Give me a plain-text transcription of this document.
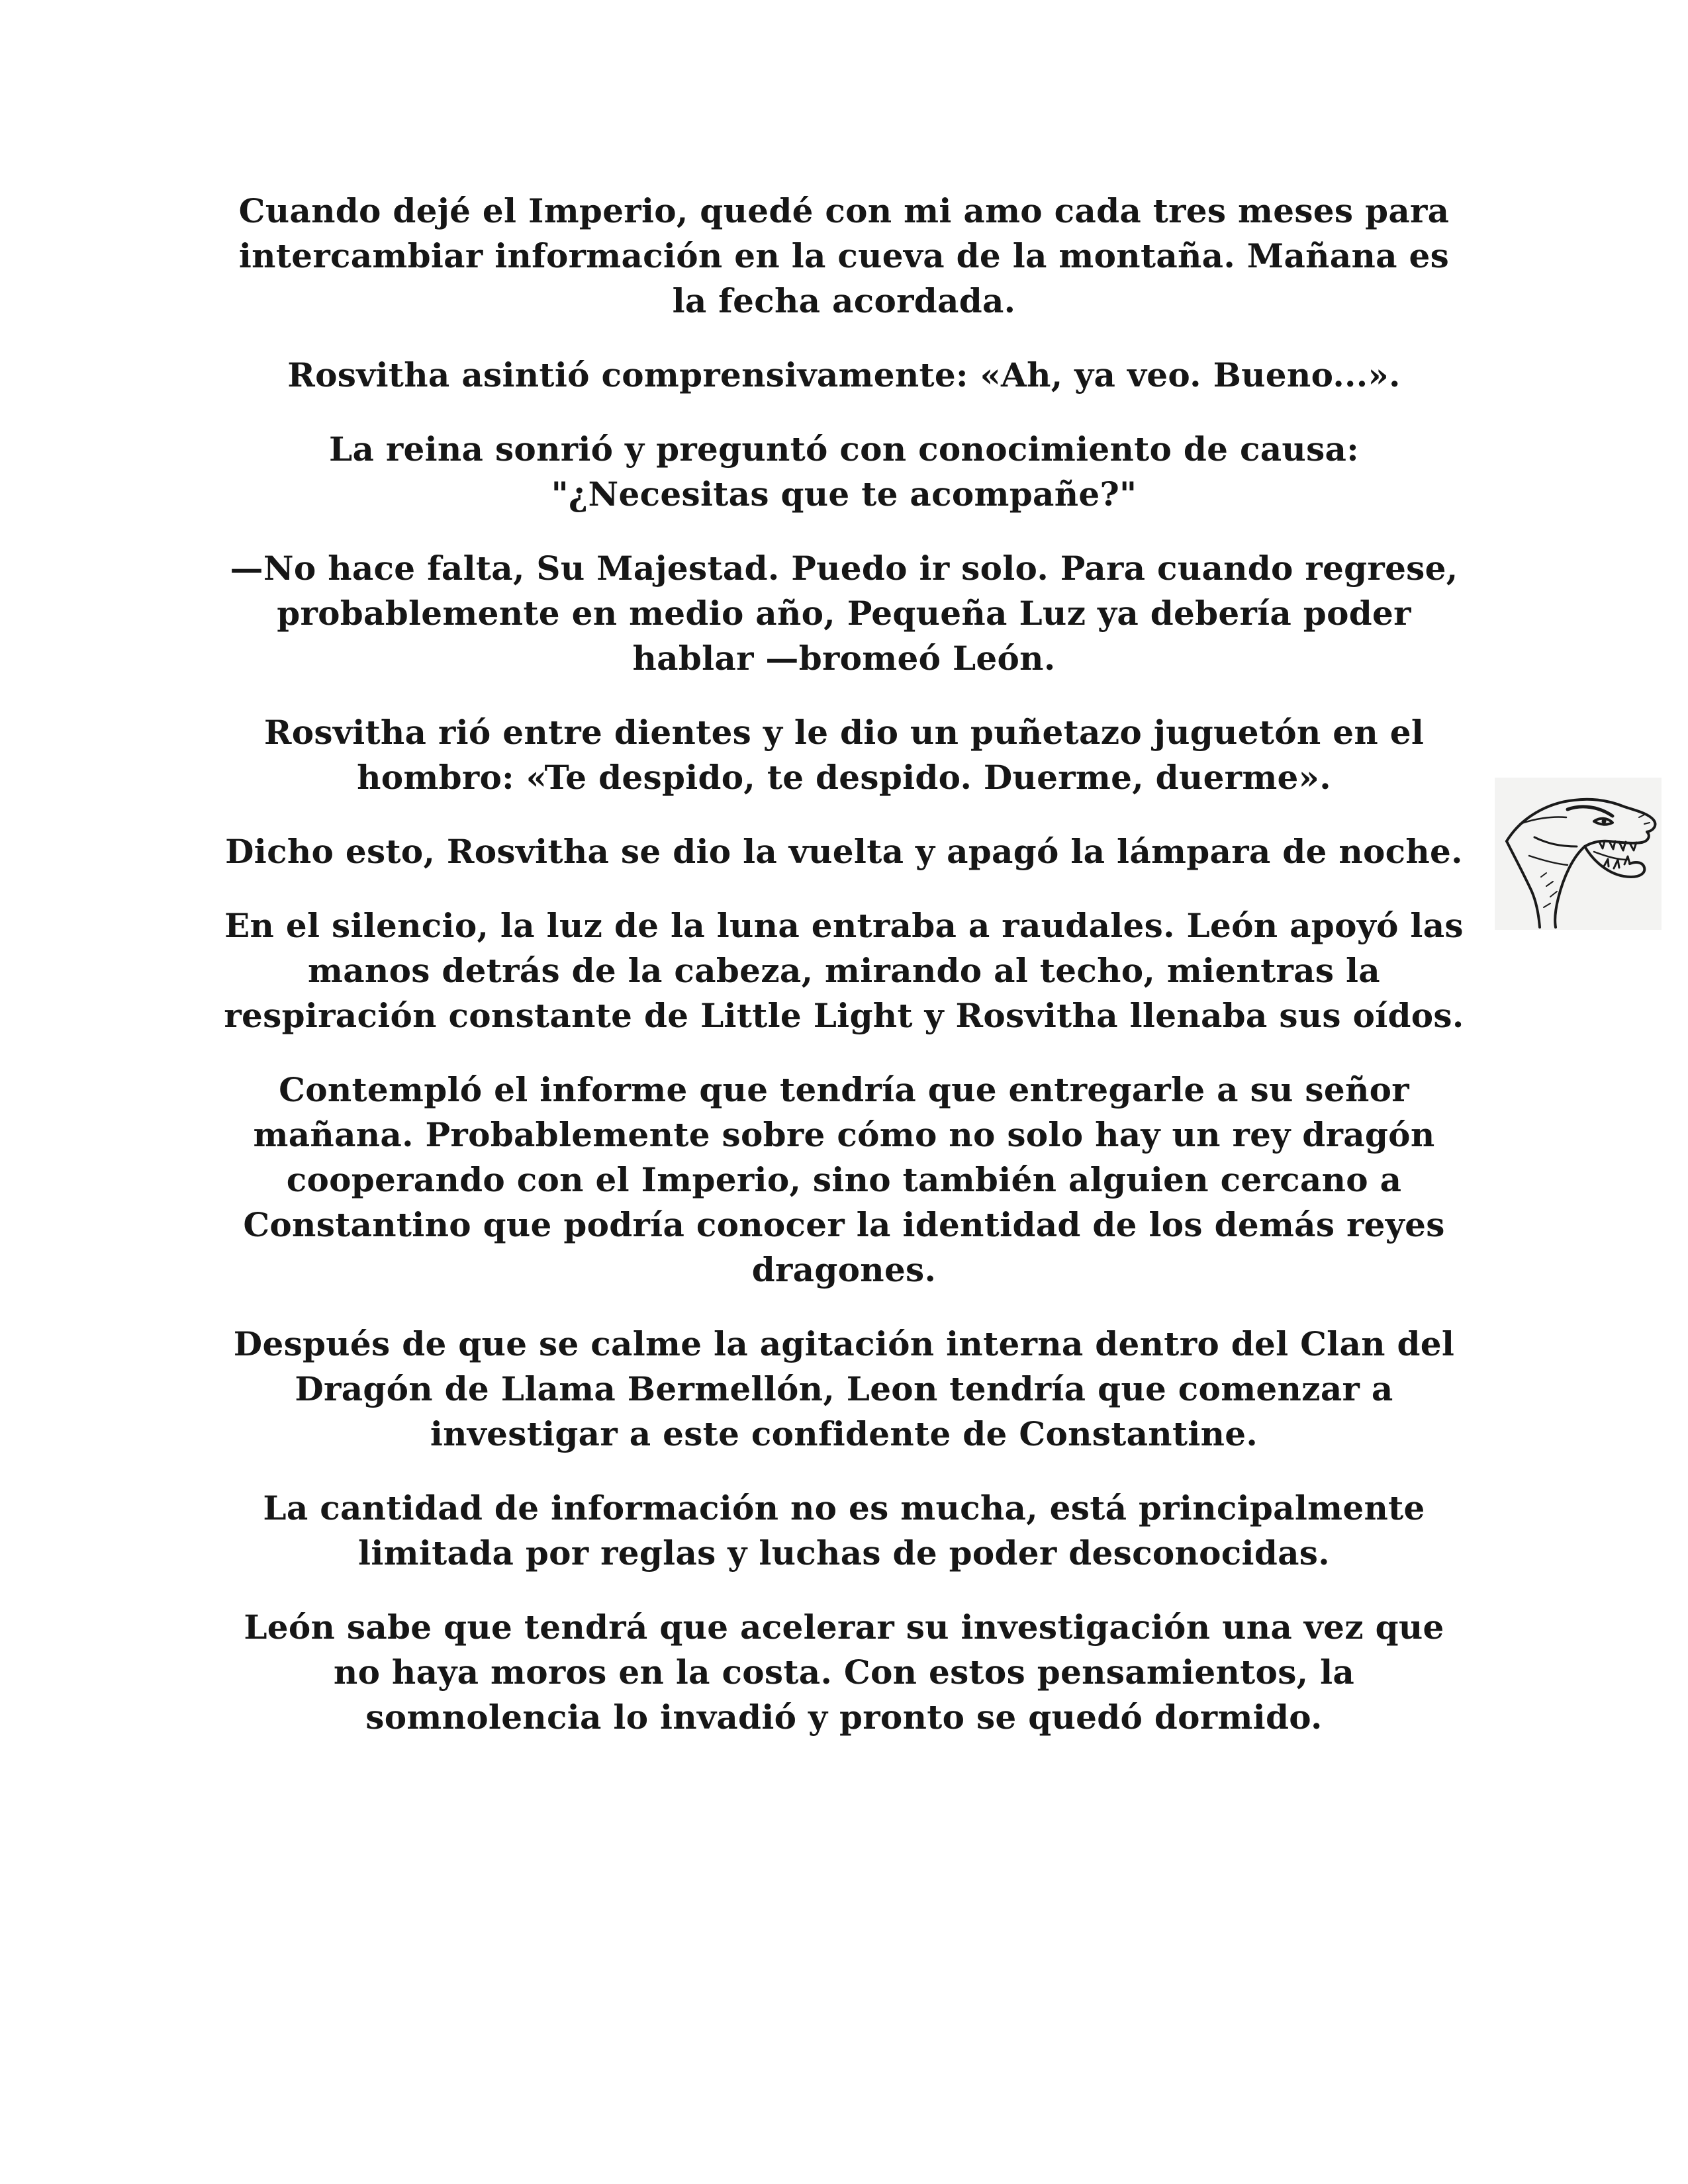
Cuando dejé el Imperio, quedé con mi amo cada tres meses para intercambiar información en la cueva de la montaña. Mañana es la fecha acordada.

Rosvitha asintió comprensivamente: «Ah, ya veo. Bueno...».

La reina sonrió y preguntó con conocimiento de causa: "¿Necesitas que te acompañe?"

—No hace falta, Su Majestad. Puedo ir solo. Para cuando regrese, probablemente en medio año, Pequeña Luz ya debería poder hablar —bromeó León.

Rosvitha rió entre dientes y le dio un puñetazo juguetón en el hombro: «Te despido, te despido. Duerme, duerme».

Dicho esto, Rosvitha se dio la vuelta y apagó la lámpara de noche.

En el silencio, la luz de la luna entraba a raudales. León apoyó las manos detrás de la cabeza, mirando al techo, mientras la respiración constante de Little Light y Rosvitha llenaba sus oídos.

Contempló el informe que tendría que entregarle a su señor mañana. Probablemente sobre cómo no solo hay un rey dragón cooperando con el Imperio, sino también alguien cercano a Constantino que podría conocer la identidad de los demás reyes dragones.

Después de que se calme la agitación interna dentro del Clan del Dragón de Llama Bermellón, Leon tendría que comenzar a investigar a este confidente de Constantine.

La cantidad de información no es mucha, está principalmente limitada por reglas y luchas de poder desconocidas.

León sabe que tendrá que acelerar su investigación una vez que no haya moros en la costa. Con estos pensamientos, la somnolencia lo invadió y pronto se quedó dormido.
